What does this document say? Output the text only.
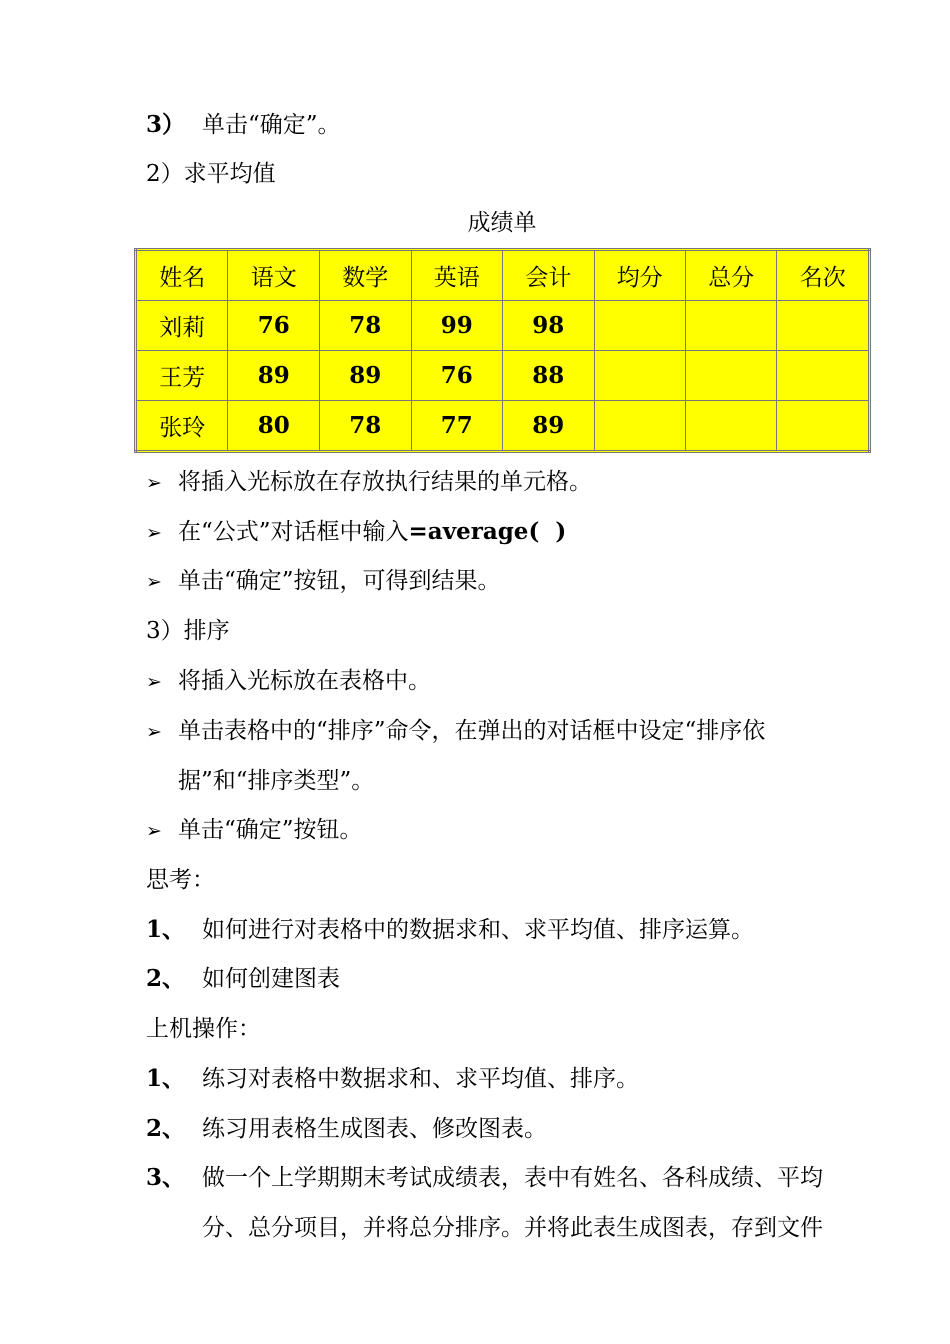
3） 单击“确定”。
2）求平均值
成绩单
姓名	语文	数学	英语	会计	均分	总分	名次
刘莉	76	78	99	98			
王芳	89	89	76	88			
张玲	80	78	77	89			
➢ 将插入光标放在存放执行结果的单元格。
➢ 在“公式”对话框中输入=average(  )
➢ 单击“确定”按钮，可得到结果。
3）排序
➢ 将插入光标放在表格中。
➢ 单击表格中的“排序”命令，在弹出的对话框中设定“排序依
据”和“排序类型”。
➢ 单击“确定”按钮。
思考：
1、 如何进行对表格中的数据求和、求平均值、排序运算。
2、 如何创建图表
上机操作：
1、 练习对表格中数据求和、求平均值、排序。
2、 练习用表格生成图表、修改图表。
3、 做一个上学期期末考试成绩表，表中有姓名、各科成绩、平均
分、总分项目，并将总分排序。并将此表生成图表，存到文件
